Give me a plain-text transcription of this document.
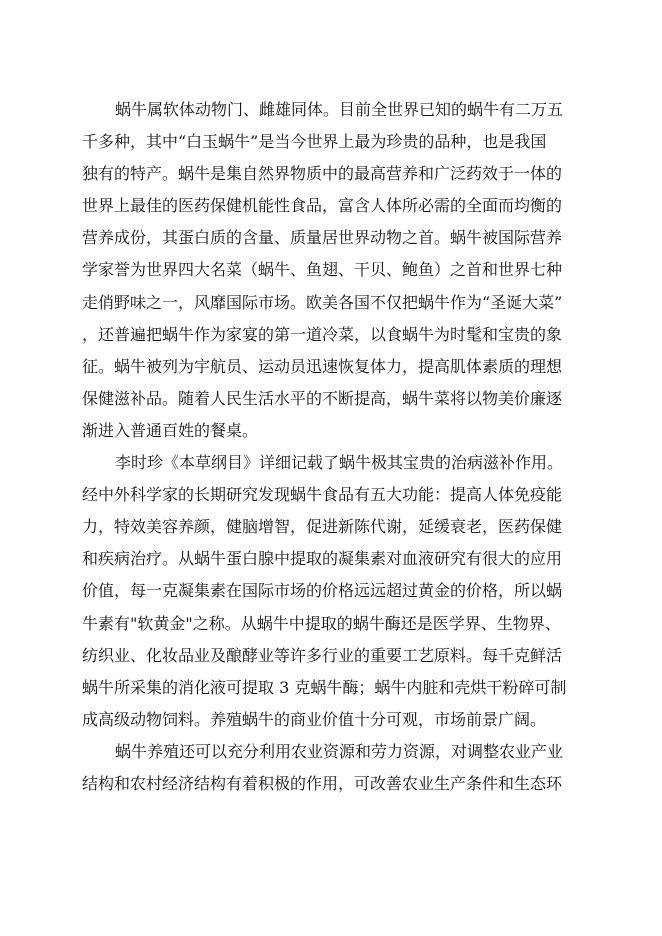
蜗牛属软体动物门、雌雄同体。目前全世界已知的蜗牛有二万五
千多种，其中“白玉蜗牛”是当今世界上最为珍贵的品种，也是我国
独有的特产。蜗牛是集自然界物质中的最高营养和广泛药效于一体的
世界上最佳的医药保健机能性食品，富含人体所必需的全面而均衡的
营养成份，其蛋白质的含量、质量居世界动物之首。蜗牛被国际营养
学家誉为世界四大名菜（蜗牛、鱼翅、干贝、鲍鱼）之首和世界七种
走俏野味之一，风靡国际市场。欧美各国不仅把蜗牛作为“圣诞大菜”
，还普遍把蜗牛作为家宴的第一道冷菜，以食蜗牛为时髦和宝贵的象
征。蜗牛被列为宇航员、运动员迅速恢复体力，提高肌体素质的理想
保健滋补品。随着人民生活水平的不断提高，蜗牛菜将以物美价廉逐
渐进入普通百姓的餐桌。
李时珍《本草纲目》详细记载了蜗牛极其宝贵的治病滋补作用。
经中外科学家的长期研究发现蜗牛食品有五大功能：提高人体免疫能
力，特效美容养颜，健脑增智，促进新陈代谢，延缓衰老，医药保健
和疾病治疗。从蜗牛蛋白腺中提取的凝集素对血液研究有很大的应用
价值，每一克凝集素在国际市场的价格远远超过黄金的价格，所以蜗
牛素有"软黄金"之称。从蜗牛中提取的蜗牛酶还是医学界、生物界、
纺织业、化妆品业及酿酵业等许多行业的重要工艺原料。每千克鲜活
蜗牛所采集的消化液可提取 3 克蜗牛酶；蜗牛内脏和壳烘干粉碎可制
成高级动物饲料。养殖蜗牛的商业价值十分可观，市场前景广阔。
蜗牛养殖还可以充分利用农业资源和劳力资源，对调整农业产业
结构和农村经济结构有着积极的作用，可改善农业生产条件和生态环
